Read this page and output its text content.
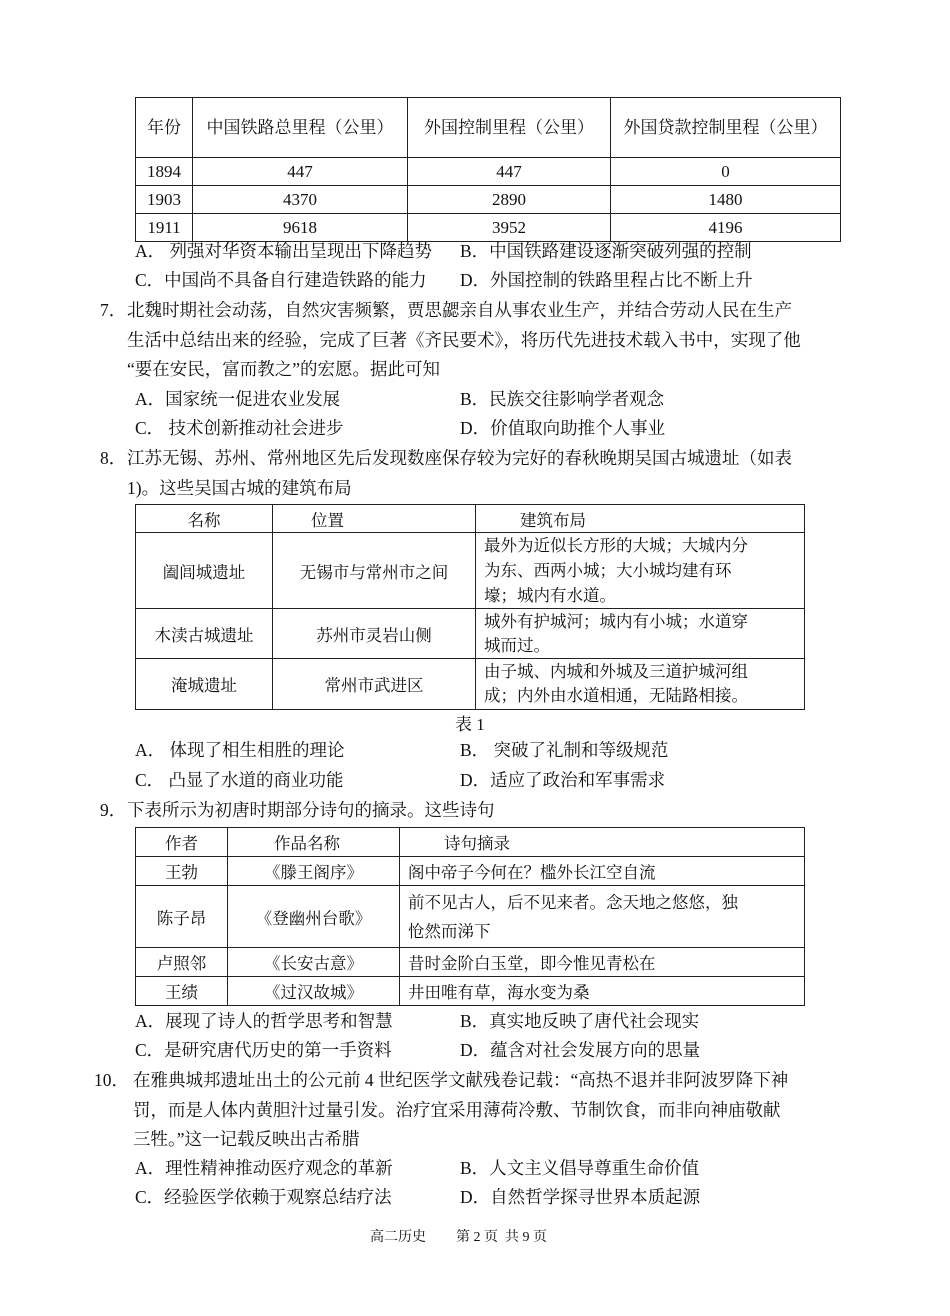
年份	中国铁路总里程（公里）	外国控制里程（公里）	外国贷款控制里程（公里）
1894	447	447	0
1903	4370	2890	1480
1911	9618	3952	4196
A． 列强对华资本输出呈现出下降趋势 B．中国铁路建设逐渐突破列强的控制
C．中国尚不具备自行建造铁路的能力 D．外国控制的铁路里程占比不断上升
7． 北魏时期社会动荡，自然灾害频繁，贾思勰亲自从事农业生产，并结合劳动人民在生产
生活中总结出来的经验，完成了巨著《齐民要术》，将历代先进技术载入书中，实现了他
“要在安民，富而教之”的宏愿。据此可知
A．国家统一促进农业发展	B．民族交往影响学者观念
C． 技术创新推动社会进步	D．价值取向助推个人事业
8． 江苏无锡、苏州、常州地区先后发现数座保存较为完好的春秋晚期吴国古城遗址（如表
1)。这些吴国古城的建筑布局
名称	位置	建筑布局
阖闾城遗址	无锡市与常州市之间	最外为近似长方形的大城；大城内分
为东、西两小城；大小城均建有环
壕；城内有水道。

木渎古城遗址	苏州市灵岩山侧	城外有护城河；城内有小城；水道穿
城而过。

淹城遗址	常州市武进区	由子城、内城和外城及三道护城河组
成；内外由水道相通，无陆路相接。
表 1
A． 体现了相生相胜的理论	B． 突破了礼制和等级规范
C． 凸显了水道的商业功能	D．适应了政治和军事需求
9． 下表所示为初唐时期部分诗句的摘录。这些诗句
作者	作品名称	诗句摘录
王勃	《滕王阁序》	阁中帝子今何在？槛外长江空自流
陈子昂	《登幽州台歌》	前不见古人，后不见来者。念天地之悠悠，独
怆然而涕下

卢照邻	《长安古意》	昔时金阶白玉堂，即今惟见青松在
王绩	《过汉故城》	井田唯有草，海水变为桑
A．展现了诗人的哲学思考和智慧	B．真实地反映了唐代社会现实
C．是研究唐代历史的第一手资料	D．蕴含对社会发展方向的思量
10． 在雅典城邦遗址出土的公元前 4 世纪医学文献残卷记载：“高热不退并非阿波罗降下神
罚，而是人体内黄胆汁过量引发。治疗宜采用薄荷冷敷、节制饮食，而非向神庙敬献
三牲。”这一记载反映出古希腊
A．理性精神推动医疗观念的革新	B．人文主义倡导尊重生命价值
C．经验医学依赖于观察总结疗法	D．自然哲学探寻世界本质起源
高二历史 第 2 页  共 9 页
